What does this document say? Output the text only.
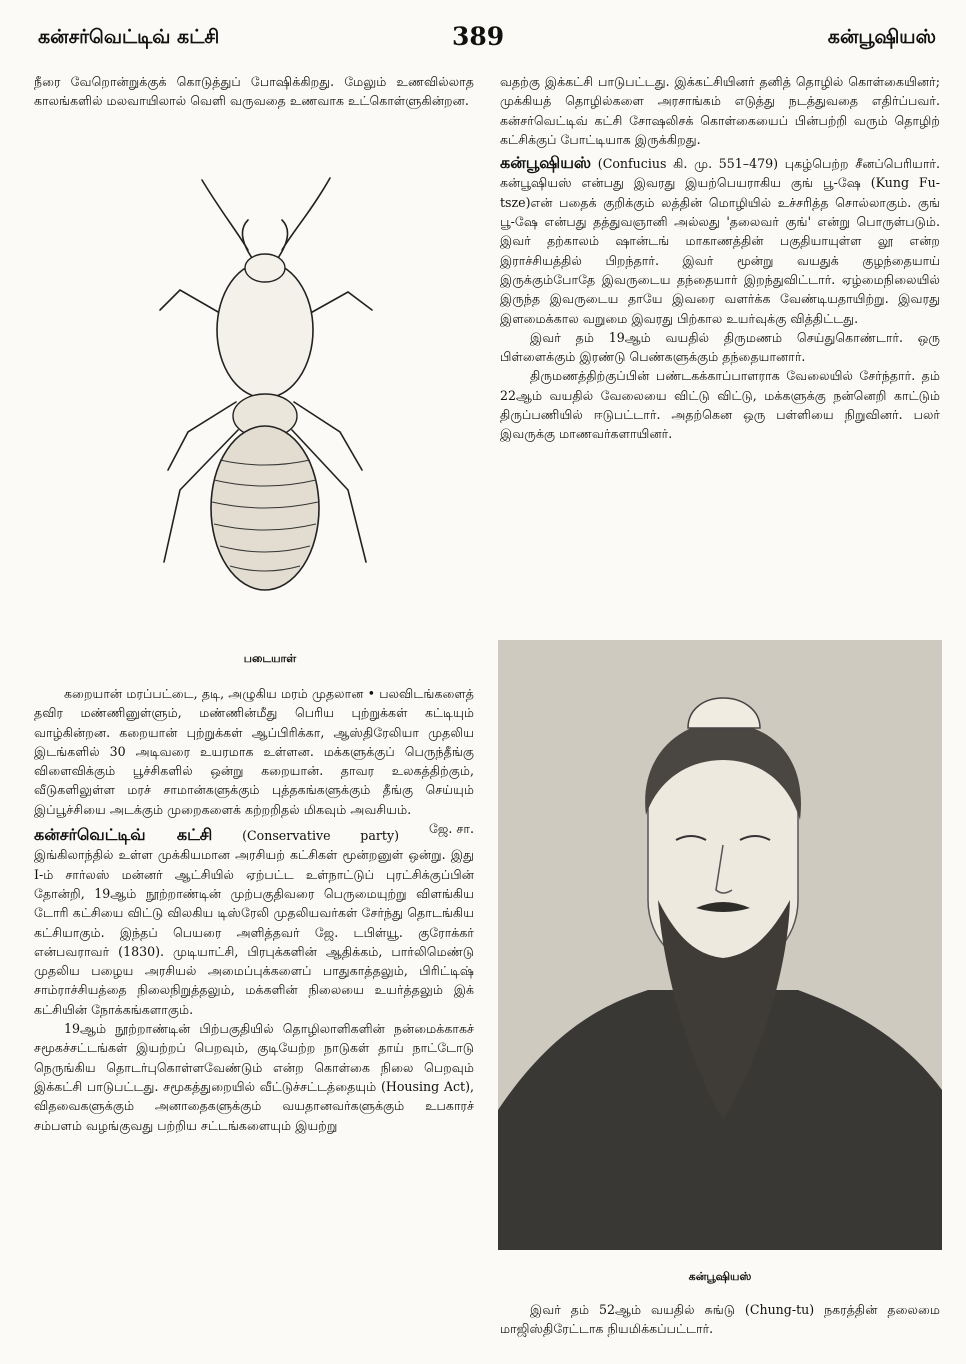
கன்சர்வெட்டிவ் கட்சி	389	கன்பூஷியஸ்

நீரை வேறொன்றுக்குக் கொடுத்துப் போஷிக்கிறது. மேலும் உணவில்லாத காலங்களில் மலவாயிலால் வெளி வருவதை உணவாக உட்கொள்ளுகின்றன.

படையாள்

கறையான் மரப்பட்டை, தடி, அழுகிய மரம் முதலான • பலவிடங்களைத் தவிர மண்ணினுள்ளும், மண்ணின்மீது பெரிய புற்றுக்கள் கட்டியும் வாழ்கின்றன. கறையான் புற்றுக்கள் ஆப்பிரிக்கா, ஆஸ்திரேலியா முதலிய இடங்களில் 30 அடிவரை உயரமாக உள்ளன. மக்களுக்குப் பெருந்தீங்கு விளைவிக்கும் பூச்சிகளில் ஒன்று கறையான். தாவர உலகத்திற்கும், வீடுகளிலுள்ள மரச் சாமான்களுக்கும் புத்தகங்களுக்கும் தீங்கு செய்யும் இப்பூச்சியை அடக்கும் முறைகளைக் கற்றறிதல் மிகவும் அவசியம்.
ஜே. சா.

கன்சர்வெட்டிவ் கட்சி (Conservative party) இங்கிலாந்தில் உள்ள முக்கியமான அரசியற் கட்சிகள் மூன்றனுள் ஒன்று. இது I-ம் சார்லஸ் மன்னர் ஆட்சியில் ஏற்பட்ட உள்நாட்டுப் புரட்சிக்குப்பின் தோன்றி, 19ஆம் நூற்றாண்டின் முற்பகுதிவரை பெருமையுற்று விளங்கிய டோரி கட்சியை விட்டு விலகிய டிஸ்ரேலி முதலியவர்கள் சேர்ந்து தொடங்கிய கட்சியாகும். இந்தப் பெயரை அளித்தவர் ஜே. டபிள்யூ. குரோக்கர் என்பவராவர் (1830). முடியாட்சி, பிரபுக்களின் ஆதிக்கம், பார்லிமெண்டு முதலிய பழைய அரசியல் அமைப்புக்களைப் பாதுகாத்தலும், பிரிட்டிஷ் சாம்ராச்சியத்தை நிலைநிறுத்தலும், மக்களின் நிலையை உயர்த்தலும் இக் கட்சியின் நோக்கங்களாகும்.

19ஆம் நூற்றாண்டின் பிற்பகுதியில் தொழிலாளிகளின் நன்மைக்காகச் சமூகச்சட்டங்கள் இயற்றப் பெறவும், குடியேற்ற நாடுகள் தாய் நாட்டோடு நெருங்கிய தொடர்புகொள்ளவேண்டும் என்ற கொள்கை நிலை பெறவும் இக்கட்சி பாடுபட்டது. சமூகத்துறையில் வீட்டுச்சட்டத்தையும் (Housing Act), விதவைகளுக்கும் அனாதைகளுக்கும் வயதானவர்களுக்கும் உபகாரச் சம்பளம் வழங்குவது பற்றிய சட்டங்களையும் இயற்று

வதற்கு இக்கட்சி பாடுபட்டது. இக்கட்சியினர் தனித் தொழில் கொள்கையினர்; முக்கியத் தொழில்களை அரசாங்கம் எடுத்து நடத்துவதை எதிர்ப்பவர். கன்சர்வெட்டிவ் கட்சி சோஷலிசக் கொள்கையைப் பின்பற்றி வரும் தொழிற் கட்சிக்குப் போட்டியாக இருக்கிறது.

கன்பூஷியஸ் (Confucius கி. மு. 551–479) புகழ்பெற்ற சீனப்பெரியார். கன்பூஷியஸ் என்பது இவரது இயற்பெயராகிய குங் பூ-ஷே (Kung Fu-tsze)என் பதைக் குறிக்கும் லத்தின் மொழியில் உச்சரித்த சொல்லாகும். குங் பூ-ஷே என்பது தத்துவஞானி அல்லது 'தலைவர் குங்' என்று பொருள்படும். இவர் தற்காலம் ஷான்டங் மாகாணத்தின் பகுதியாயுள்ள லூ என்ற இராச்சியத்தில் பிறந்தார். இவர் மூன்று வயதுக் குழந்தையாய் இருக்கும்போதே இவருடைய தந்தையார் இறந்துவிட்டார். ஏழ்மைநிலையில் இருந்த இவருடைய தாயே இவரை வளர்க்க வேண்டியதாயிற்று. இவரது இளமைக்கால வறுமை இவரது பிற்கால உயர்வுக்கு வித்திட்டது.

இவர் தம் 19ஆம் வயதில் திருமணம் செய்துகொண்டார். ஒரு பிள்ளைக்கும் இரண்டு பெண்களுக்கும் தந்தையானார்.

திருமணத்திற்குப்பின் பண்டகக்காப்பாளராக வேலையில் சேர்ந்தார். தம் 22ஆம் வயதில் வேலையை விட்டு விட்டு, மக்களுக்கு நன்னெறி காட்டும் திருப்பணியில் ஈடுபட்டார். அதற்கென ஒரு பள்ளியை நிறுவினர். பலர் இவருக்கு மாணவர்களாயினர்.

கன்பூஷியஸ்

இவர் தம் 52ஆம் வயதில் சுங்டு (Chung-tu) நகரத்தின் தலைமை மாஜிஸ்திரேட்டாக நியமிக்கப்பட்டார்.
